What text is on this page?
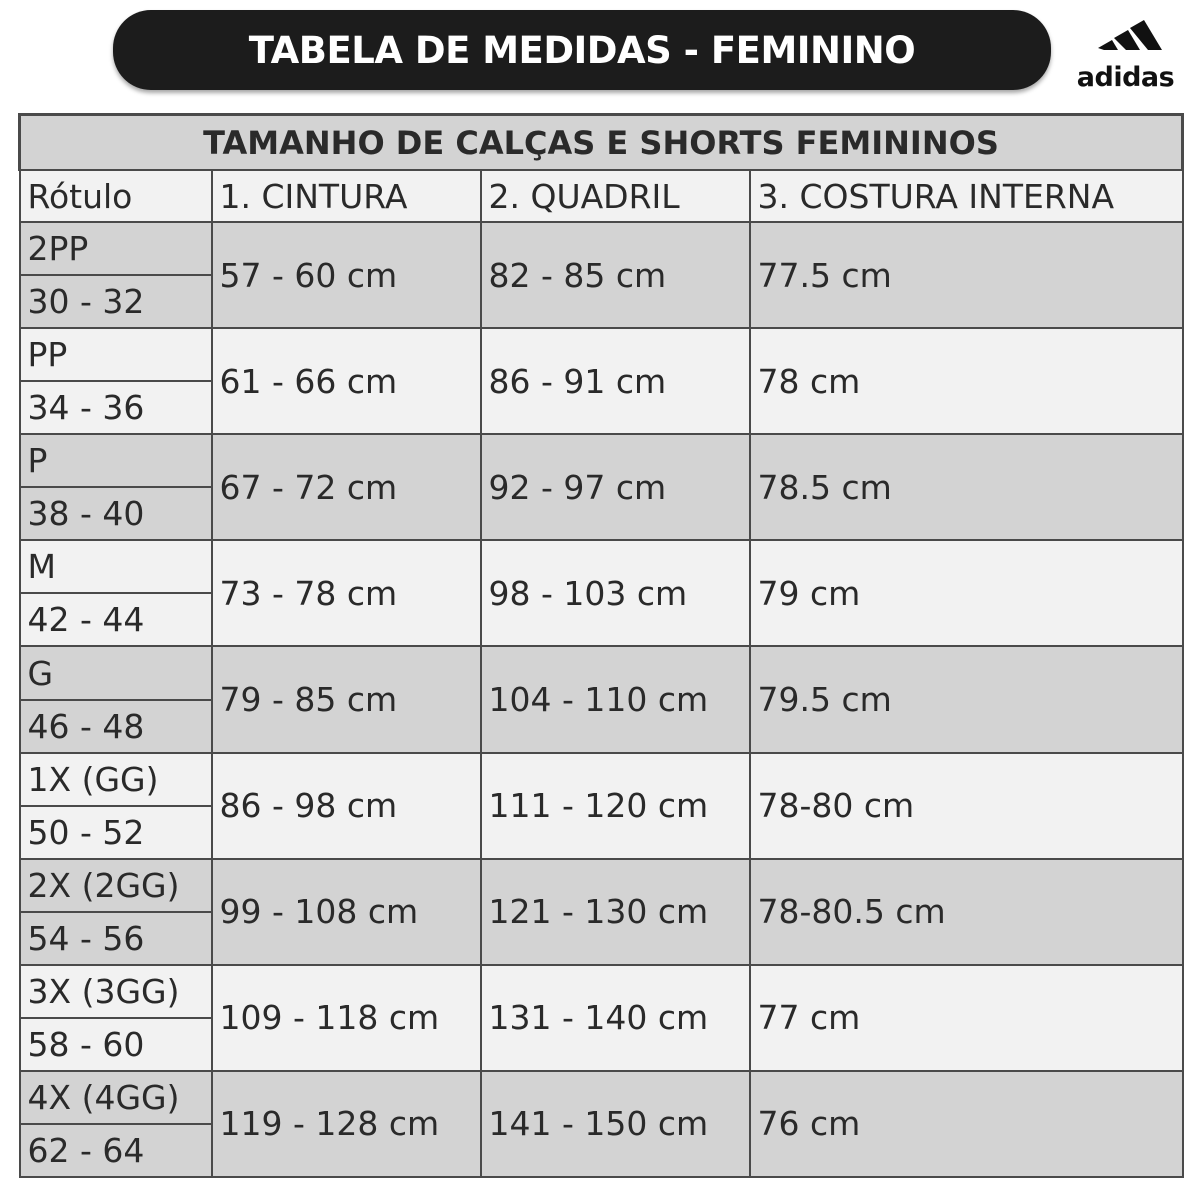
TABELA DE MEDIDAS - FEMININO
adidas
TAMANHO DE CALÇAS E SHORTS FEMININOS			
Rótulo	1. CINTURA	2. QUADRIL	3. COSTURA INTERNA
2PP	57 - 60 cm	82 - 85 cm	77.5 cm
30 - 32			
PP	61 - 66 cm	86 - 91 cm	78 cm
34 - 36			
P	67 - 72 cm	92 - 97 cm	78.5 cm
38 - 40			
M	73 - 78 cm	98 - 103 cm	79 cm
42 - 44			
G	79 - 85 cm	104 - 110 cm	79.5 cm
46 - 48			
1X (GG)	86 - 98 cm	111 - 120 cm	78-80 cm
50 - 52			
2X (2GG)	99 - 108 cm	121 - 130 cm	78-80.5 cm
54 - 56			
3X (3GG)	109 - 118 cm	131 - 140 cm	77 cm
58 - 60			
4X (4GG)	119 - 128 cm	141 - 150 cm	76 cm
62 - 64			
